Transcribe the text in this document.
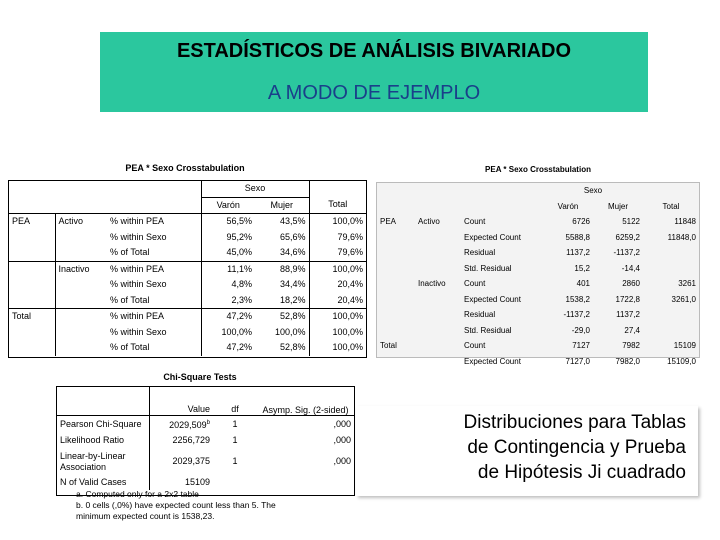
ESTADÍSTICOS DE ANÁLISIS BIVARIADO
A MODO DE EJEMPLO
PEA * Sexo Crosstabulation
			Sexo		
			Varón	Mujer	Total
PEA	Activo	% within PEA	56,5%	43,5%	100,0%
		% within Sexo	95,2%	65,6%	79,6%
		% of Total	45,0%	34,6%	79,6%
	Inactivo	% within PEA	11,1%	88,9%	100,0%
		% within Sexo	4,8%	34,4%	20,4%
		% of Total	2,3%	18,2%	20,4%
Total		% within PEA	47,2%	52,8%	100,0%
		% within Sexo	100,0%	100,0%	100,0%
		% of Total	47,2%	52,8%	100,0%
PEA * Sexo Crosstabulation
			Sexo		
			Varón	Mujer	Total
PEA	Activo	Count	6726	5122	11848
		Expected Count	5588,8	6259,2	11848,0
		Residual	1137,2	-1137,2	
		Std. Residual	15,2	-14,4	
	Inactivo	Count	401	2860	3261
		Expected Count	1538,2	1722,8	3261,0
		Residual	-1137,2	1137,2	
		Std. Residual	-29,0	27,4	
Total		Count	7127	7982	15109
		Expected Count	7127,0	7982,0	15109,0
Chi-Square Tests
	Value	df	Asymp. Sig. (2-sided)
Pearson Chi-Square	2029,509$^b$	1	,000
Likelihood Ratio	2256,729	1	,000
Linear-by-Linear Association	2029,375	1	,000
N of Valid Cases	15109		
a. Computed only for a 2x2 table
b. 0 cells (,0%) have expected count less than 5. The
minimum expected count is 1538,23.
Distribuciones para Tablas
de Contingencia y Prueba
de Hipótesis Ji cuadrado
